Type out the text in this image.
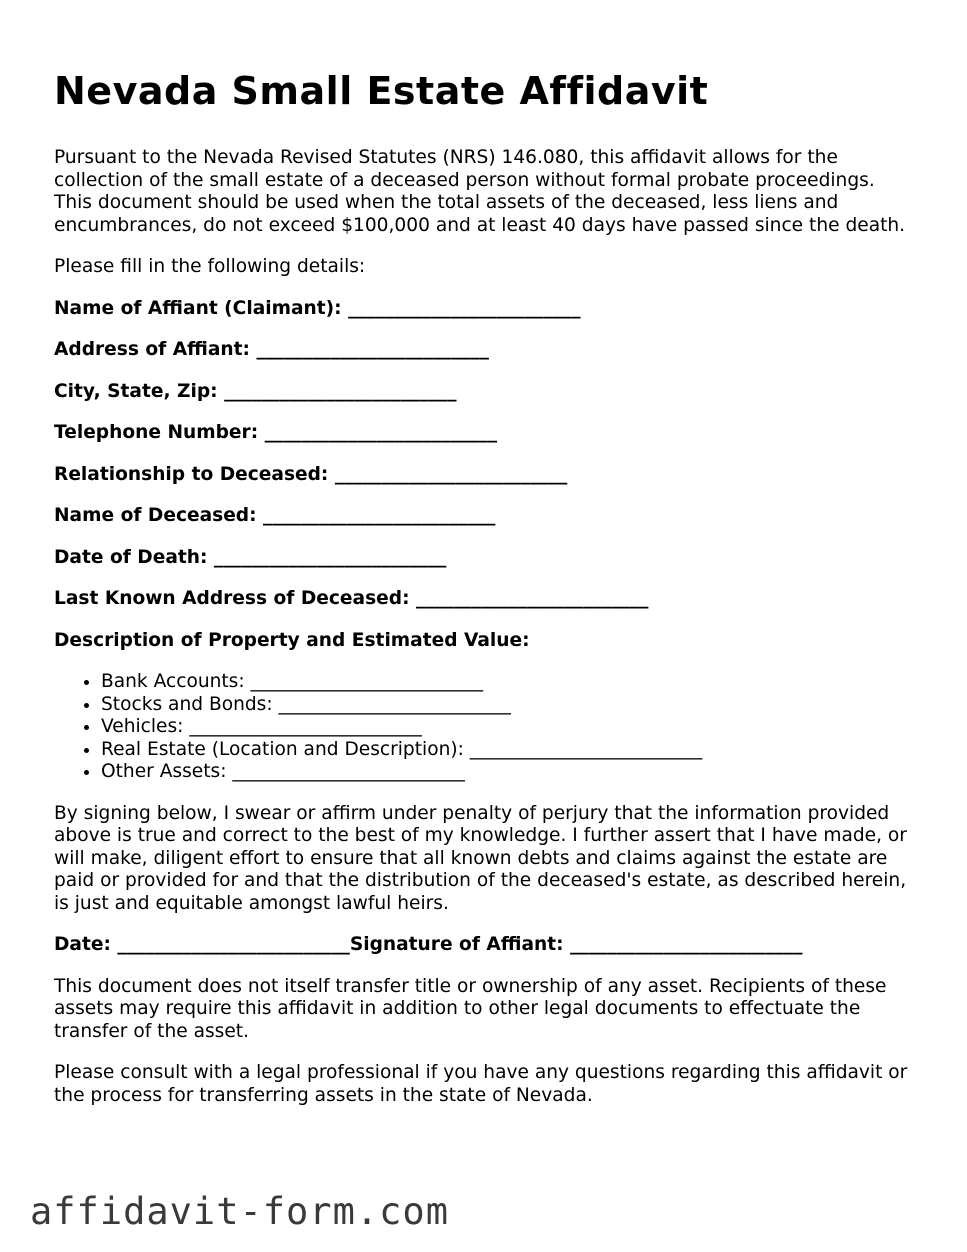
Nevada Small Estate Affidavit

Pursuant to the Nevada Revised Statutes (NRS) 146.080, this affidavit allows for the collection of the small estate of a deceased person without formal probate proceedings. This document should be used when the total assets of the deceased, less liens and encumbrances, do not exceed $100,000 and at least 40 days have passed since the death.

Please fill in the following details:

Name of Affiant (Claimant): _________________________
Address of Affiant: _________________________
City, State, Zip: _________________________
Telephone Number: _________________________
Relationship to Deceased: _________________________
Name of Deceased: _________________________
Date of Death: _________________________
Last Known Address of Deceased: _________________________
Description of Property and Estimated Value:
• Bank Accounts: _________________________
• Stocks and Bonds: _________________________
• Vehicles: _________________________
• Real Estate (Location and Description): _________________________
• Other Assets: _________________________

By signing below, I swear or affirm under penalty of perjury that the information provided above is true and correct to the best of my knowledge. I further assert that I have made, or will make, diligent effort to ensure that all known debts and claims against the estate are paid or provided for and that the distribution of the deceased's estate, as described herein, is just and equitable amongst lawful heirs.

Date: _________________________Signature of Affiant: _________________________

This document does not itself transfer title or ownership of any asset. Recipients of these assets may require this affidavit in addition to other legal documents to effectuate the transfer of the asset.

Please consult with a legal professional if you have any questions regarding this affidavit or the process for transferring assets in the state of Nevada.

affidavit-form.com
